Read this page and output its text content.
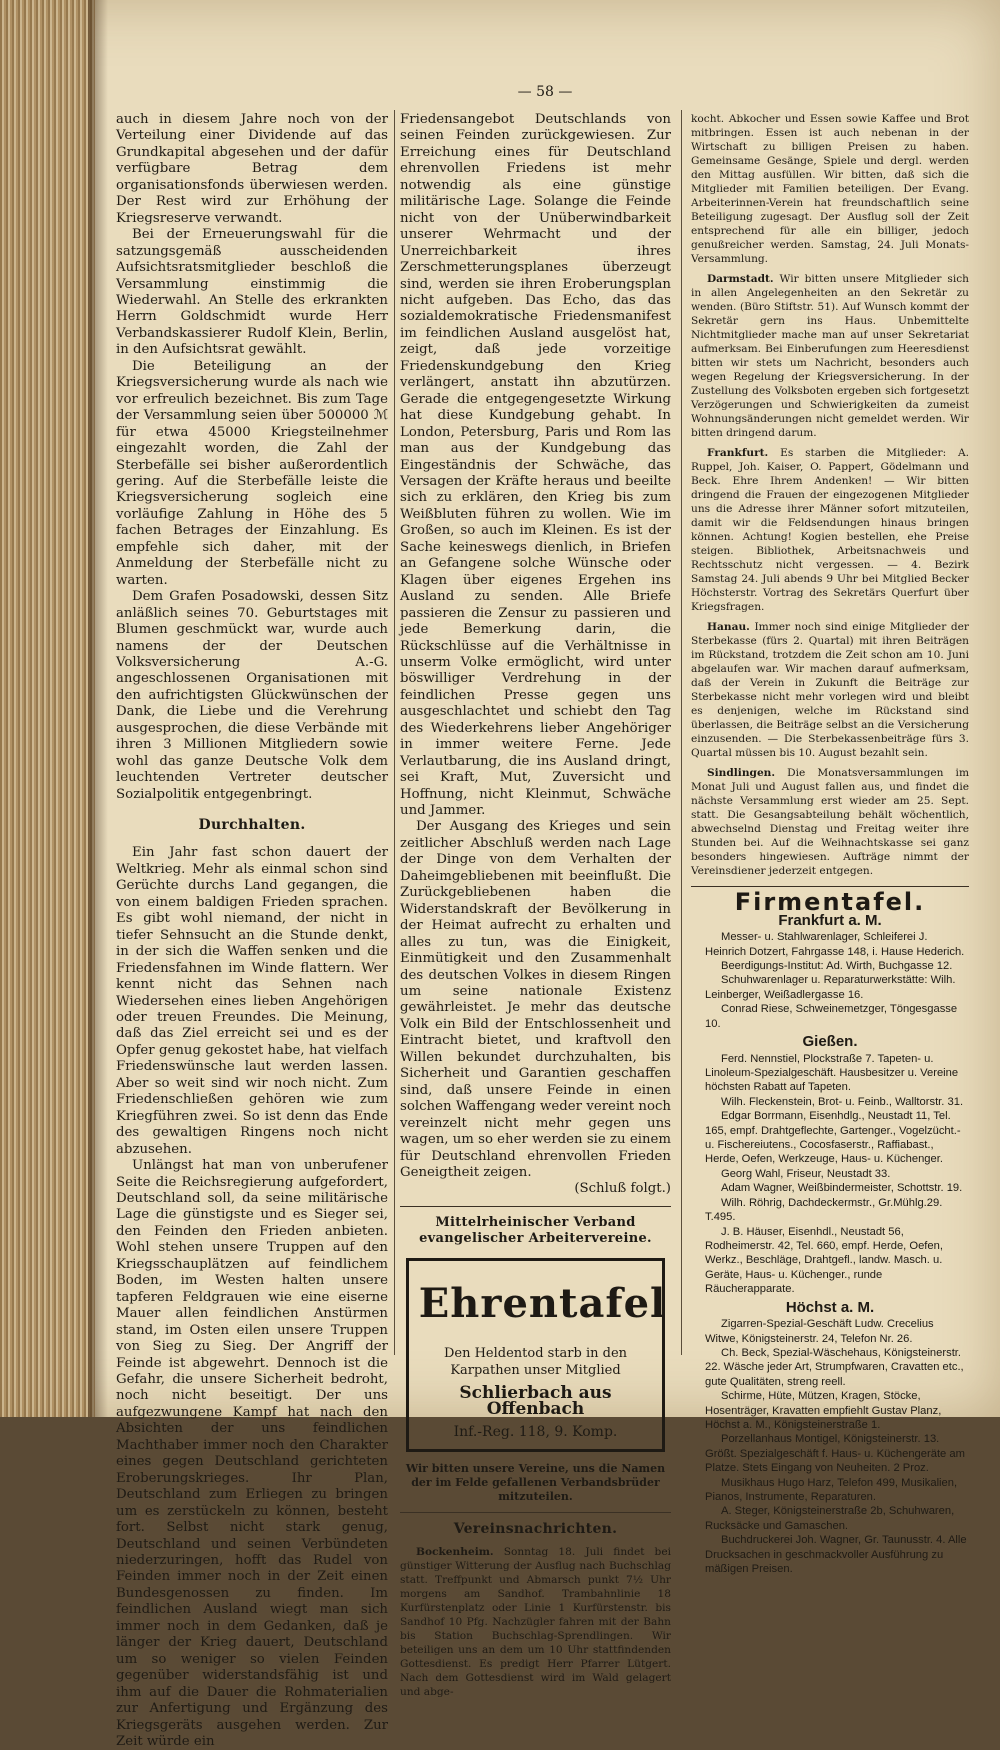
— 58 —

auch in diesem Jahre noch von der Verteilung einer Dividende auf das Grundkapital abgesehen und der dafür verfügbare Betrag dem organisationsfonds überwiesen werden. Der Rest wird zur Erhöhung der Kriegsreserve verwandt.

Bei der Erneuerungswahl für die satzungsgemäß ausscheidenden Aufsichtsratsmitglieder beschloß die Versammlung einstimmig die Wiederwahl. An Stelle des erkrankten Herrn Goldschmidt wurde Herr Verbandskassierer Rudolf Klein, Berlin, in den Aufsichtsrat gewählt.

Die Beteiligung an der Kriegsversicherung wurde als nach wie vor erfreulich bezeichnet. Bis zum Tage der Versammlung seien über 500000 ℳ für etwa 45000 Kriegsteilnehmer eingezahlt worden, die Zahl der Sterbefälle sei bisher außerordentlich gering. Auf die Sterbefälle leiste die Kriegsversicherung sogleich eine vorläufige Zahlung in Höhe des 5 fachen Betrages der Einzahlung. Es empfehle sich daher, mit der Anmeldung der Sterbefälle nicht zu warten.

Dem Grafen Posadowski, dessen Sitz anläßlich seines 70. Geburtstages mit Blumen geschmückt war, wurde auch namens der der Deutschen Volksversicherung A.-G. angeschlossenen Organisationen mit den aufrichtigsten Glückwünschen der Dank, die Liebe und die Verehrung ausgesprochen, die diese Verbände mit ihren 3 Millionen Mitgliedern sowie wohl das ganze Deutsche Volk dem leuchtenden Vertreter deutscher Sozialpolitik entgegenbringt.

Durchhalten.

Ein Jahr fast schon dauert der Weltkrieg. Mehr als einmal schon sind Gerüchte durchs Land gegangen, die von einem baldigen Frieden sprachen. Es gibt wohl niemand, der nicht in tiefer Sehnsucht an die Stunde denkt, in der sich die Waffen senken und die Friedensfahnen im Winde flattern. Wer kennt nicht das Sehnen nach Wiedersehen eines lieben Angehörigen oder treuen Freundes. Die Meinung, daß das Ziel erreicht sei und es der Opfer genug gekostet habe, hat vielfach Friedenswünsche laut werden lassen. Aber so weit sind wir noch nicht. Zum Friedenschließen gehören wie zum Kriegführen zwei. So ist denn das Ende des gewaltigen Ringens noch nicht abzusehen.

Unlängst hat man von unberufener Seite die Reichsregierung aufgefordert, Deutschland soll, da seine militärische Lage die günstigste und es Sieger sei, den Feinden den Frieden anbieten. Wohl stehen unsere Truppen auf den Kriegsschauplätzen auf feindlichem Boden, im Westen halten unsere tapferen Feldgrauen wie eine eiserne Mauer allen feindlichen Anstürmen stand, im Osten eilen unsere Truppen von Sieg zu Sieg. Der Angriff der Feinde ist abgewehrt. Dennoch ist die Gefahr, die unsere Sicherheit bedroht, noch nicht beseitigt. Der uns aufgezwungene Kampf hat nach den Absichten der uns feindlichen Machthaber immer noch den Charakter eines gegen Deutschland gerichteten Eroberungskrieges. Ihr Plan, Deutschland zum Erliegen zu bringen um es zerstückeln zu können, besteht fort. Selbst nicht stark genug, Deutschland und seinen Verbündeten niederzuringen, hofft das Rudel von Feinden immer noch in der Zeit einen Bundesgenossen zu finden. Im feindlichen Ausland wiegt man sich immer noch in dem Gedanken, daß je länger der Krieg dauert, Deutschland um so weniger so vielen Feinden gegenüber widerstandsfähig ist und ihm auf die Dauer die Rohmaterialien zur Anfertigung und Ergänzung des Kriegsgeräts ausgehen werden. Zur Zeit würde ein

Friedensangebot Deutschlands von seinen Feinden zurückgewiesen. Zur Erreichung eines für Deutschland ehrenvollen Friedens ist mehr notwendig als eine günstige militärische Lage. Solange die Feinde nicht von der Unüberwindbarkeit unserer Wehrmacht und der Unerreichbarkeit ihres Zerschmetterungsplanes überzeugt sind, werden sie ihren Eroberungsplan nicht aufgeben. Das Echo, das das sozialdemokratische Friedensmanifest im feindlichen Ausland ausgelöst hat, zeigt, daß jede vorzeitige Friedenskundgebung den Krieg verlängert, anstatt ihn abzutürzen. Gerade die entgegengesetzte Wirkung hat diese Kundgebung gehabt. In London, Petersburg, Paris und Rom las man aus der Kundgebung das Eingeständnis der Schwäche, das Versagen der Kräfte heraus und beeilte sich zu erklären, den Krieg bis zum Weißbluten führen zu wollen. Wie im Großen, so auch im Kleinen. Es ist der Sache keineswegs dienlich, in Briefen an Gefangene solche Wünsche oder Klagen über eigenes Ergehen ins Ausland zu senden. Alle Briefe passieren die Zensur zu passieren und jede Bemerkung darin, die Rückschlüsse auf die Verhältnisse in unserm Volke ermöglicht, wird unter böswilliger Verdrehung in der feindlichen Presse gegen uns ausgeschlachtet und schiebt den Tag des Wiederkehrens lieber Angehöriger in immer weitere Ferne. Jede Verlautbarung, die ins Ausland dringt, sei Kraft, Mut, Zuversicht und Hoffnung, nicht Kleinmut, Schwäche und Jammer.

Der Ausgang des Krieges und sein zeitlicher Abschluß werden nach Lage der Dinge von dem Verhalten der Daheimgebliebenen mit beeinflußt. Die Zurückgebliebenen haben die Widerstandskraft der Bevölkerung in der Heimat aufrecht zu erhalten und alles zu tun, was die Einigkeit, Einmütigkeit und den Zusammenhalt des deutschen Volkes in diesem Ringen um seine nationale Existenz gewährleistet. Je mehr das deutsche Volk ein Bild der Entschlossenheit und Eintracht bietet, und kraftvoll den Willen bekundet durchzuhalten, bis Sicherheit und Garantien geschaffen sind, daß unsere Feinde in einen solchen Waffengang weder vereint noch vereinzelt nicht mehr gegen uns wagen, um so eher werden sie zu einem für Deutschland ehrenvollen Frieden Geneigtheit zeigen.

(Schluß folgt.)
Mittelrheinischer Verband evangelischer Arbeitervereine.
Ehrentafel
Den Heldentod starb in den Karpathen unser Mitglied
Schlierbach aus Offenbach
Inf.-Reg. 118, 9. Komp.
Wir bitten unsere Vereine, uns die Namen der im Felde gefallenen Verbandsbrüder mitzuteilen.
Vereinsnachrichten.

Bockenheim. Sonntag 18. Juli findet bei günstiger Witterung der Ausflug nach Buchschlag statt. Treffpunkt und Abmarsch punkt 7½ Uhr morgens am Sandhof. Trambahnlinie 18 Kurfürstenplatz oder Linie 1 Kurfürstenstr. bis Sandhof 10 Pfg. Nachzügler fahren mit der Bahn bis Station Buchschlag-Sprendlingen. Wir beteiligen uns an dem um 10 Uhr stattfindenden Gottesdienst. Es predigt Herr Pfarrer Lütgert. Nach dem Gottesdienst wird im Wald gelagert und abge-

kocht. Abkocher und Essen sowie Kaffee und Brot mitbringen. Essen ist auch nebenan in der Wirtschaft zu billigen Preisen zu haben. Gemeinsame Gesänge, Spiele und dergl. werden den Mittag ausfüllen. Wir bitten, daß sich die Mitglieder mit Familien beteiligen. Der Evang. Arbeiterinnen-Verein hat freundschaftlich seine Beteiligung zugesagt. Der Ausflug soll der Zeit entsprechend für alle ein billiger, jedoch genußreicher werden. Samstag, 24. Juli Monats-Versammlung.

Darmstadt. Wir bitten unsere Mitglieder sich in allen Angelegenheiten an den Sekretär zu wenden. (Büro Stiftstr. 51). Auf Wunsch kommt der Sekretär gern ins Haus. Unbemittelte Nichtmitglieder mache man auf unser Sekretariat aufmerksam. Bei Einberufungen zum Heeresdienst bitten wir stets um Nachricht, besonders auch wegen Regelung der Kriegsversicherung. In der Zustellung des Volksboten ergeben sich fortgesetzt Verzögerungen und Schwierigkeiten da zumeist Wohnungsänderungen nicht gemeldet werden. Wir bitten dringend darum.

Frankfurt. Es starben die Mitglieder: A. Ruppel, Joh. Kaiser, O. Pappert, Gödelmann und Beck. Ehre Ihrem Andenken! — Wir bitten dringend die Frauen der eingezogenen Mitglieder uns die Adresse ihrer Männer sofort mitzuteilen, damit wir die Feldsendungen hinaus bringen können. Achtung! Kogien bestellen, ehe Preise steigen. Bibliothek, Arbeitsnachweis und Rechtsschutz nicht vergessen. — 4. Bezirk Samstag 24. Juli abends 9 Uhr bei Mitglied Becker Höchsterstr. Vortrag des Sekretärs Querfurt über Kriegsfragen.

Hanau. Immer noch sind einige Mitglieder der Sterbekasse (fürs 2. Quartal) mit ihren Beiträgen im Rückstand, trotzdem die Zeit schon am 10. Juni abgelaufen war. Wir machen darauf aufmerksam, daß der Verein in Zukunft die Beiträge zur Sterbekasse nicht mehr vorlegen wird und bleibt es denjenigen, welche im Rückstand sind überlassen, die Beiträge selbst an die Versicherung einzusenden. — Die Sterbekassenbeiträge fürs 3. Quartal müssen bis 10. August bezahlt sein.

Sindlingen. Die Monatsversammlungen im Monat Juli und August fallen aus, und findet die nächste Versammlung erst wieder am 25. Sept. statt. Die Gesangsabteilung behält wöchentlich, abwechselnd Dienstag und Freitag weiter ihre Stunden bei. Auf die Weihnachtskasse sei ganz besonders hingewiesen. Aufträge nimmt der Vereinsdiener jederzeit entgegen.

Firmentafel.
Frankfurt a. M.

Messer- u. Stahlwarenlager, Schleiferei J. Heinrich Dotzert, Fahrgasse 148, i. Hause Hederich.

Beerdigungs-Institut: Ad. Wirth, Buchgasse 12.

Schuhwarenlager u. Reparaturwerkstätte: Wilh. Leinberger, Weißadlergasse 16.

Conrad Riese, Schweinemetzger, Töngesgasse 10.

Gießen.

Ferd. Nennstiel, Plockstraße 7. Tapeten- u. Linoleum-Spezialgeschäft. Hausbesitzer u. Vereine höchsten Rabatt auf Tapeten.

Wilh. Fleckenstein, Brot- u. Feinb., Walltorstr. 31.

Edgar Borrmann, Eisenhdlg., Neustadt 11, Tel. 165, empf. Drahtgeflechte, Gartenger., Vogelzücht.- u. Fischereiutens., Cocosfaserstr., Raffiabast., Herde, Oefen, Werkzeuge, Haus- u. Küchenger.

Georg Wahl, Friseur, Neustadt 33.

Adam Wagner, Weißbindermeister, Schottstr. 19.

Wilh. Röhrig, Dachdeckermstr., Gr.Mühlg.29. T.495.

J. B. Häuser, Eisenhdl., Neustadt 56, Rodheimerstr. 42, Tel. 660, empf. Herde, Oefen, Werkz., Beschläge, Drahtgefl., landw. Masch. u. Geräte, Haus- u. Küchenger., runde Räucherapparate.

Höchst a. M.

Zigarren-Spezial-Geschäft Ludw. Crecelius Witwe, Königsteinerstr. 24, Telefon Nr. 26.

Ch. Beck, Spezial-Wäschehaus, Königsteinerstr. 22. Wäsche jeder Art, Strumpfwaren, Cravatten etc., gute Qualitäten, streng reell.

Schirme, Hüte, Mützen, Kragen, Stöcke, Hosenträger, Kravatten empfiehlt Gustav Planz, Höchst a. M., Königsteinerstraße 1.

Porzellanhaus Montigel, Königsteinerstr. 13. Größt. Spezialgeschäft f. Haus- u. Küchengeräte am Platze. Stets Eingang von Neuheiten. 2 Proz.

Musikhaus Hugo Harz, Telefon 499, Musikalien, Pianos, Instrumente, Reparaturen.

A. Steger, Königsteinerstraße 2b, Schuhwaren, Rucksäcke und Gamaschen.

Buchdruckerei Joh. Wagner, Gr. Taunusstr. 4. Alle Drucksachen in geschmackvoller Ausführung zu mäßigen Preisen.
